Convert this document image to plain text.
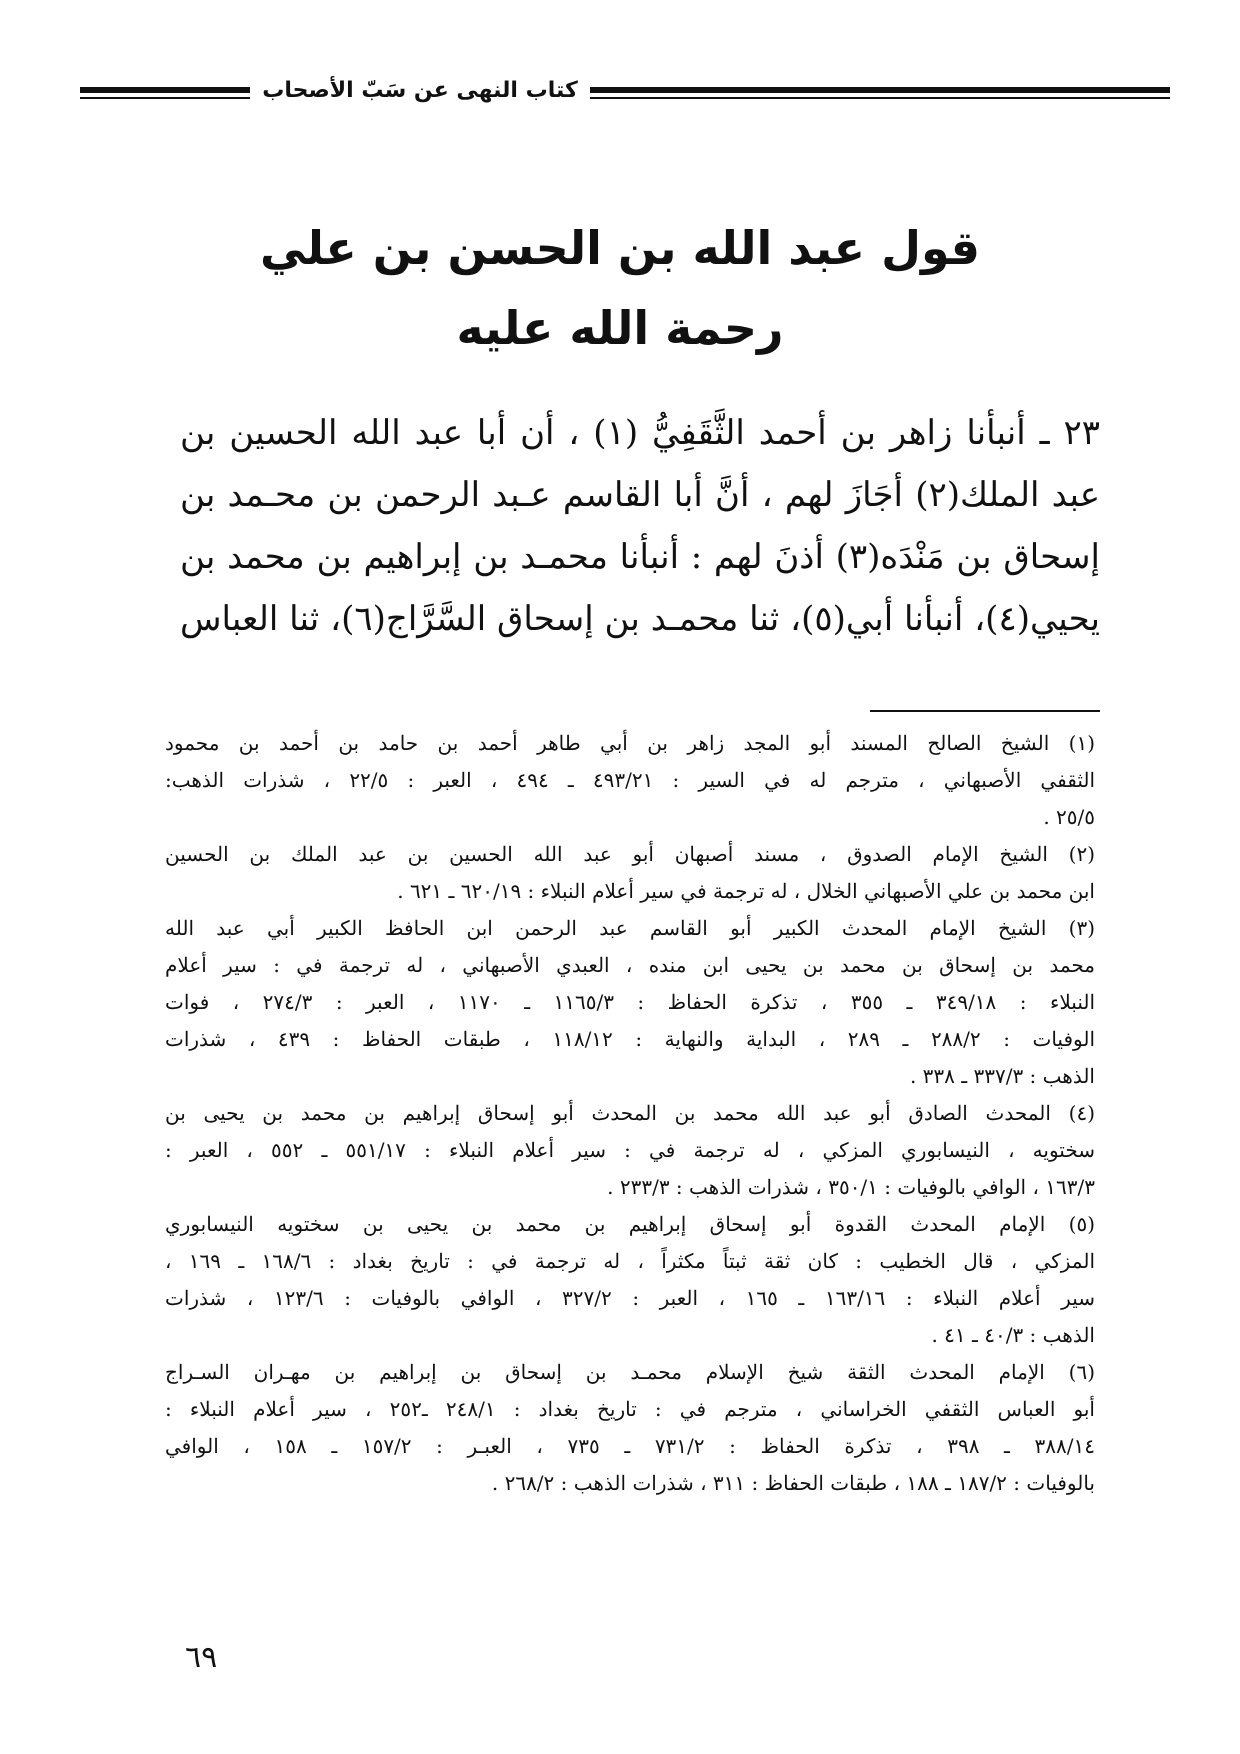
كتاب النهى عن سَبّ الأصحاب
قول عبد الله بن الحسن بن علي
رحمة الله عليه
٢٣ ـ أنبأنا زاهر بن أحمد الثَّقَفِيُّ (١) ، أن أبا عبد الله الحسين بن
عبد الملك(٢) أجَازَ لهم ، أنَّ أبا القاسم عـبد الرحمن بن محـمد بن
إسحاق بن مَنْدَه(٣) أذنَ لهم : أنبأنا محمـد بن إبراهيم بن محمد بن
يحيي(٤)، أنبأنا أبي(٥)، ثنا محمـد بن إسحاق السَّرَّاج(٦)، ثنا العباس
(١) الشيخ الصالح المسند أبو المجد زاهر بن أبي طاهر أحمد بن حامد بن أحمد بن محمود
الثقفي الأصبهاني ، مترجم له في السير : ٤٩٣/٢١ ـ ٤٩٤ ، العبر : ٢٢/٥ ، شذرات الذهب:
٢٥/٥ .
(٢) الشيخ الإمام الصدوق ، مسند أصبهان أبو عبد الله الحسين بن عبد الملك بن الحسين
ابن محمد بن علي الأصبهاني الخلال ، له ترجمة في سير أعلام النبلاء : ٦٢٠/١٩ ـ ٦٢١ .
(٣) الشيخ الإمام المحدث الكبير أبو القاسم عبد الرحمن ابن الحافظ الكبير أبي عبد الله
محمد بن إسحاق بن محمد بن يحيى ابن منده ، العبدي الأصبهاني ، له ترجمة في : سير أعلام
النبلاء : ٣٤٩/١٨ ـ ٣٥٥ ، تذكرة الحفاظ : ١١٦٥/٣ ـ ١١٧٠ ، العبر : ٢٧٤/٣ ، فوات
الوفيات : ٢٨٨/٢ ـ ٢٨٩ ، البداية والنهاية : ١١٨/١٢ ، طبقات الحفاظ : ٤٣٩ ، شذرات
الذهب : ٣٣٧/٣ ـ ٣٣٨ .
(٤) المحدث الصادق أبو عبد الله محمد بن المحدث أبو إسحاق إبراهيم بن محمد بن يحيى بن
سختويه ، النيسابوري المزكي ، له ترجمة في : سير أعلام النبلاء : ٥٥١/١٧ ـ ٥٥٢ ، العبر :
١٦٣/٣ ، الوافي بالوفيات : ٣٥٠/١ ، شذرات الذهب : ٢٣٣/٣ .
(٥) الإمام المحدث القدوة أبو إسحاق إبراهيم بن محمد بن يحيى بن سختويه النيسابوري
المزكي ، قال الخطيب : كان ثقة ثبتاً مكثراً ، له ترجمة في : تاريخ بغداد : ١٦٨/٦ ـ ١٦٩ ،
سير أعلام النبلاء : ١٦٣/١٦ ـ ١٦٥ ، العبر : ٣٢٧/٢ ، الوافي بالوفيات : ١٢٣/٦ ، شذرات
الذهب : ٤٠/٣ ـ ٤١ .
(٦) الإمام المحدث الثقة شيخ الإسلام محمـد بن إسحاق بن إبراهيم بن مهـران السـراج
أبو العباس الثقفي الخراساني ، مترجم في : تاريخ بغداد : ٢٤٨/١ ـ٢٥٢ ، سير أعلام النبلاء :
٣٨٨/١٤ ـ ٣٩٨ ، تذكرة الحفاظ : ٧٣١/٢ ـ ٧٣٥ ، العبـر : ١٥٧/٢ ـ ١٥٨ ، الوافي
بالوفيات : ١٨٧/٢ ـ ١٨٨ ، طبقات الحفاظ : ٣١١ ، شذرات الذهب : ٢٦٨/٢ .
٦٩
